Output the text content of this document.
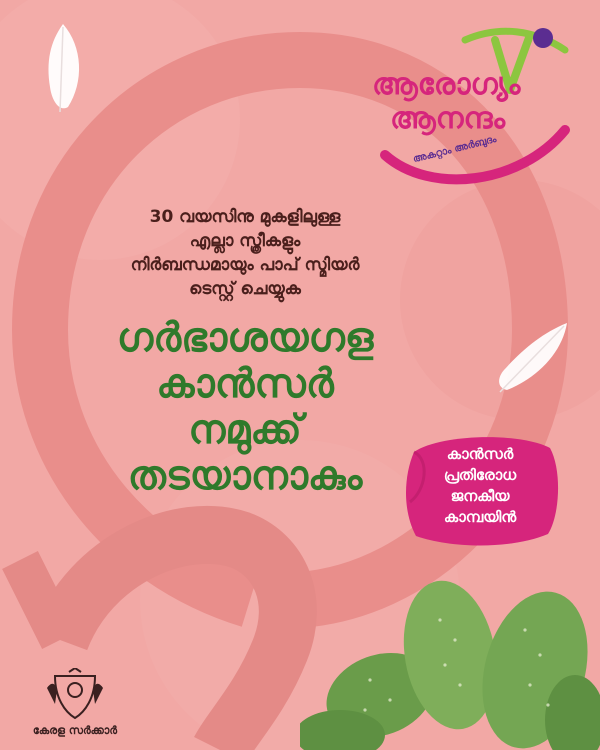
ആരോഗ്യം
ആനന്ദം
അകറ്റാം അർബുദം
30 വയസിനു മുകളിലുള്ള
എല്ലാ സ്ത്രീകളും
നിർബന്ധമായും പാപ് സ്മിയർ
ടെസ്റ്റ് ചെയ്യുക
ഗർഭാശയഗള
കാൻസർ
നമുക്ക്
തടയാനാകും	കാൻസർ
പ്രതിരോധ
ജനകീയ
കാമ്പയിൻ
കേരള സർക്കാർ
